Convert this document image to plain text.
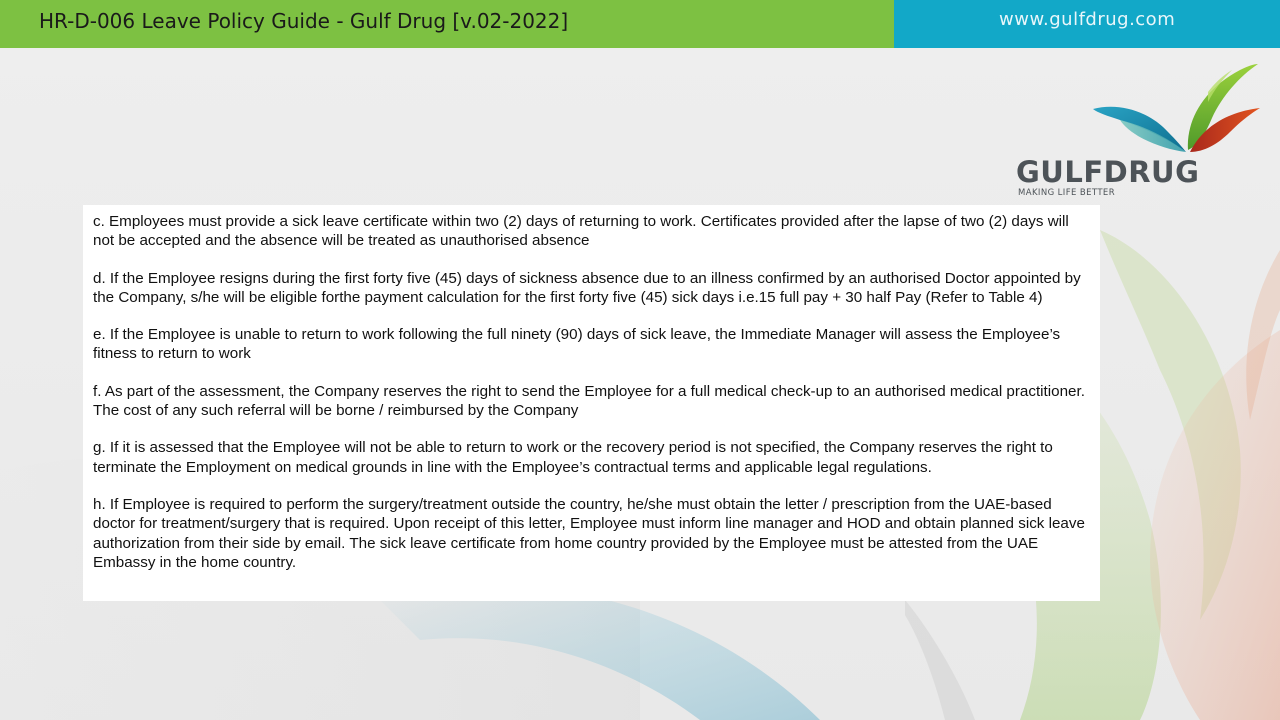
HR-D-006 Leave Policy Guide - Gulf Drug [v.02-2022]	www.gulfdrug.com
GULFDRUG
MAKING LIFE BETTER

c. Employees must provide a sick leave certificate within two (2) days of returning to work. Certificates provided after the lapse of two (2) days will not be accepted and the absence will be treated as unauthorised absence

d. If the Employee resigns during the first forty five (45) days of sickness absence due to an illness confirmed by an authorised Doctor appointed by the Company, s/he will be eligible forthe payment calculation for the first forty five (45) sick days i.e.15 full pay + 30 half Pay (Refer to Table 4)

e. If the Employee is unable to return to work following the full ninety (90) days of sick leave, the Immediate Manager will assess the Employee’s fitness to return to work

f. As part of the assessment, the Company reserves the right to send the Employee for a full medical check-up to an authorised medical practitioner. The cost of any such referral will be borne / reimbursed by the Company

g. If it is assessed that the Employee will not be able to return to work or the recovery period is not specified, the Company reserves the right to terminate the Employment on medical grounds in line with the Employee’s contractual terms and applicable legal regulations.

h. If Employee is required to perform the surgery/treatment outside the country, he/she must obtain the letter / prescription from the UAE-based doctor for treatment/surgery that is required. Upon receipt of this letter, Employee must inform line manager and HOD and obtain planned sick leave authorization from their side by email. The sick leave certificate from home country provided by the Employee must be attested from the UAE Embassy in the home country.
